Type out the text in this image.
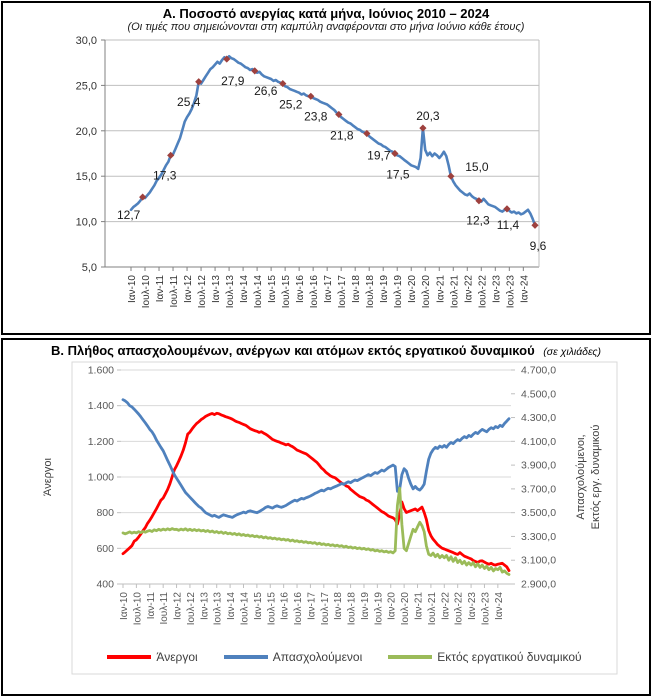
Α. Ποσοστό ανεργίας κατά μήνα, Ιούνιος 2010 – 2024
(Οι τιμές που σημειώνονται στη καμπύλη αναφέρονται στο μήνα Ιούνιο κάθε έτους)
30,0
25,0
20,0
15,0
10,0
5,0
Ιαν-10 Ιουλ-10 Ιαν-11 Ιουλ-11 Ιαν-12 Ιουλ-12 Ιαν-13 Ιουλ-13 Ιαν-14 Ιουλ-14 Ιαν-15 Ιουλ-15 Ιαν-16 Ιουλ-16 Ιαν-17 Ιουλ-17 Ιαν-18 Ιουλ-18 Ιαν-19 Ιουλ-19 Ιαν-20 Ιουλ-20 Ιαν-21 Ιουλ-21 Ιαν-22 Ιουλ-22 Ιαν-23 Ιουλ-23 Ιαν-24
12,7
17,3
25,4
27,9
26,6
25,2
23,8
21,8
19,7
17,5
20,3
15,0
12,3 11,4
9,6
Β. Πλήθος απασχολουμένων, ανέργων και ατόμων εκτός εργατικού δυναμικού (σε χιλιάδες)
1.600
1.400
1.200
1.000
800
600
400
4.700,0
4.500,0
4.300,0
4.100,0
3.900,0
3.700,0
3.500,0
3.300,0
3.100,0
2.900,0
Ιαν-10 Ιουλ-10 Ιαν-11 Ιουλ-11 Ιαν-12 Ιουλ-12 Ιαν-13 Ιουλ-13 Ιαν-14 Ιουλ-14 Ιαν-15 Ιουλ-15 Ιαν-16 Ιουλ-16 Ιαν-17 Ιουλ-17 Ιαν-18 Ιουλ-18 Ιαν-19 Ιουλ-19 Ιαν-20 Ιουλ-20 Ιαν-21 Ιουλ-21 Ιαν-22 Ιουλ-22 Ιαν-23 Ιουλ-23 Ιαν-24
Άνεργοι	Απασχολούμενοι, Εκτός εργ. δυναμικού
Άνεργοι	Απασχολούμενοι	Εκτός εργατικού δυναμικού
